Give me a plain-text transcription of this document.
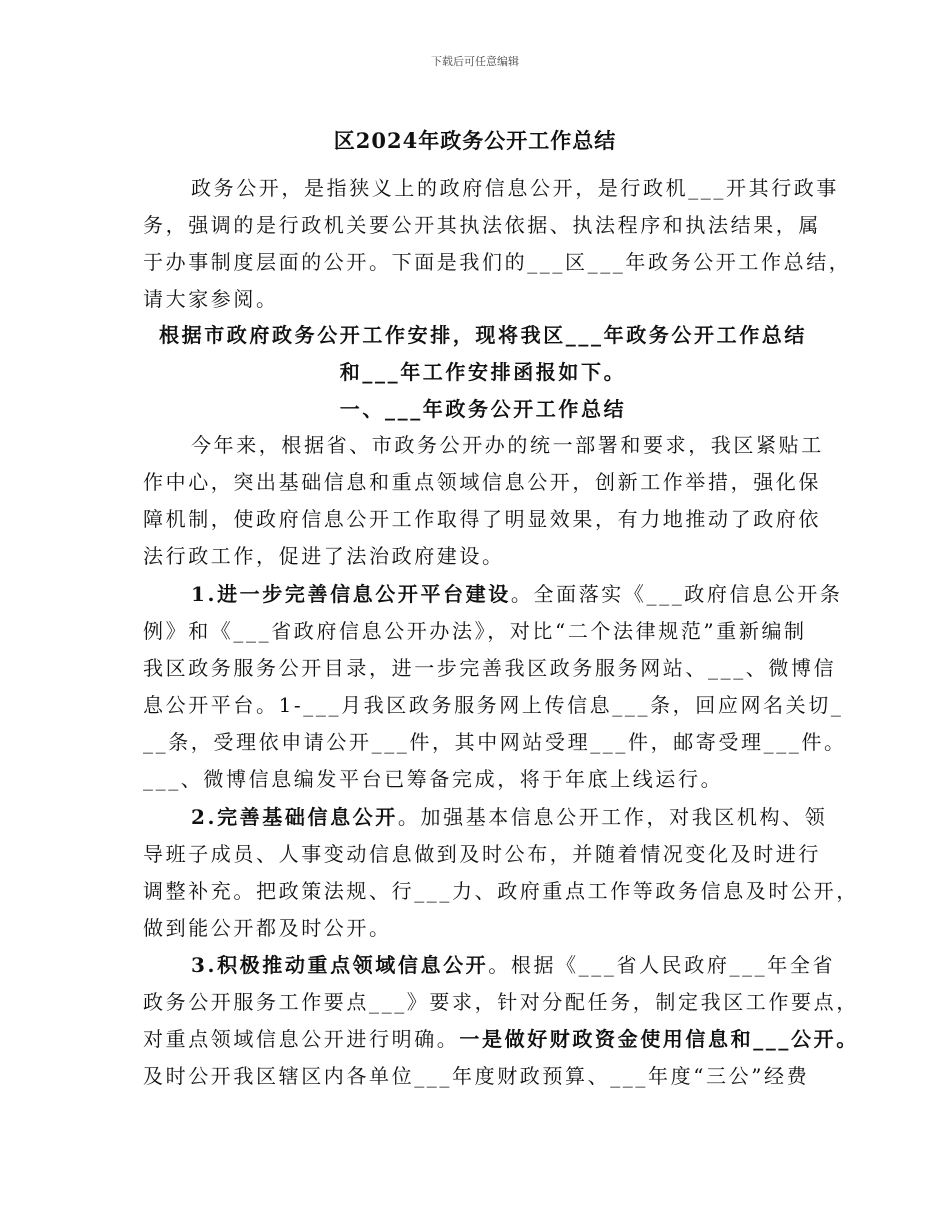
下载后可任意编辑
区2024年政务公开工作总结
政务公开，是指狭义上的政府信息公开，是行政机___开其行政事
务，强调的是行政机关要公开其执法依据、执法程序和执法结果，属
于办事制度层面的公开。下面是我们的___区___年政务公开工作总结，
请大家参阅。
根据市政府政务公开工作安排，现将我区___年政务公开工作总结
和___年工作安排函报如下。
一、___年政务公开工作总结
今年来，根据省、市政务公开办的统一部署和要求，我区紧贴工
作中心，突出基础信息和重点领域信息公开，创新工作举措，强化保
障机制，使政府信息公开工作取得了明显效果，有力地推动了政府依
法行政工作，促进了法治政府建设。
1.进一步完善信息公开平台建设。全面落实《___政府信息公开条
例》和《___省政府信息公开办法》，对比“二个法律规范”重新编制
我区政务服务公开目录，进一步完善我区政务服务网站、___、微博信
息公开平台。1-___月我区政务服务网上传信息___条，回应网名关切_
__条，受理依申请公开___件，其中网站受理___件，邮寄受理___件。
___、微博信息编发平台已筹备完成，将于年底上线运行。
2.完善基础信息公开。加强基本信息公开工作，对我区机构、领
导班子成员、人事变动信息做到及时公布，并随着情况变化及时进行
调整补充。把政策法规、行___力、政府重点工作等政务信息及时公开，
做到能公开都及时公开。
3.积极推动重点领域信息公开。根据《___省人民政府___年全省
政务公开服务工作要点___》要求，针对分配任务，制定我区工作要点，
对重点领域信息公开进行明确。一是做好财政资金使用信息和___公开。
及时公开我区辖区内各单位___年度财政预算、___年度“三公”经费
